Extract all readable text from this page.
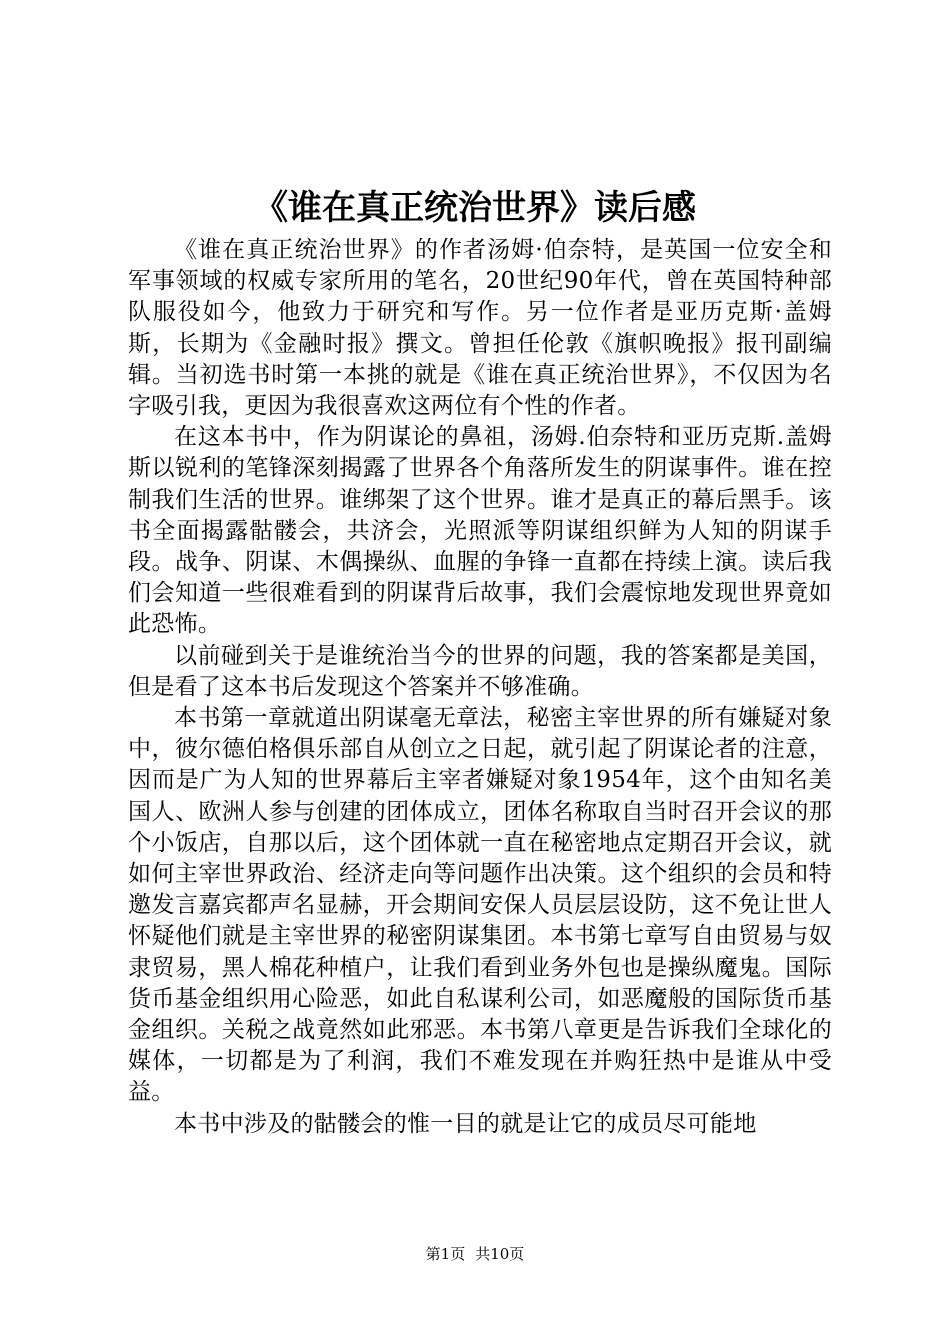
《谁在真正统治世界》读后感

《谁在真正统治世界》的作者汤姆·伯奈特，是英国一位安全和军事领域的权威专家所用的笔名，20世纪90年代，曾在英国特种部队服役如今，他致力于研究和写作。另一位作者是亚历克斯·盖姆斯，长期为《金融时报》撰文。曾担任伦敦《旗帜晚报》报刊副编辑。当初选书时第一本挑的就是《谁在真正统治世界》，不仅因为名字吸引我，更因为我很喜欢这两位有个性的作者。

在这本书中，作为阴谋论的鼻祖，汤姆.伯奈特和亚历克斯.盖姆斯以锐利的笔锋深刻揭露了世界各个角落所发生的阴谋事件。谁在控制我们生活的世界。谁绑架了这个世界。谁才是真正的幕后黑手。该书全面揭露骷髅会，共济会，光照派等阴谋组织鲜为人知的阴谋手段。战争、阴谋、木偶操纵、血腥的争锋一直都在持续上演。读后我们会知道一些很难看到的阴谋背后故事，我们会震惊地发现世界竟如此恐怖。

以前碰到关于是谁统治当今的世界的问题，我的答案都是美国，但是看了这本书后发现这个答案并不够准确。

本书第一章就道出阴谋毫无章法，秘密主宰世界的所有嫌疑对象中，彼尔德伯格俱乐部自从创立之日起，就引起了阴谋论者的注意，因而是广为人知的世界幕后主宰者嫌疑对象1954年，这个由知名美国人、欧洲人参与创建的团体成立，团体名称取自当时召开会议的那个小饭店，自那以后，这个团体就一直在秘密地点定期召开会议，就如何主宰世界政治、经济走向等问题作出决策。这个组织的会员和特邀发言嘉宾都声名显赫，开会期间安保人员层层设防，这不免让世人怀疑他们就是主宰世界的秘密阴谋集团。本书第七章写自由贸易与奴隶贸易，黑人棉花种植户，让我们看到业务外包也是操纵魔鬼。国际货币基金组织用心险恶，如此自私谋利公司，如恶魔般的国际货币基金组织。关税之战竟然如此邪恶。本书第八章更是告诉我们全球化的媒体，一切都是为了利润，我们不难发现在并购狂热中是谁从中受益。

本书中涉及的骷髅会的惟一目的就是让它的成员尽可能地

第1页 共10页
